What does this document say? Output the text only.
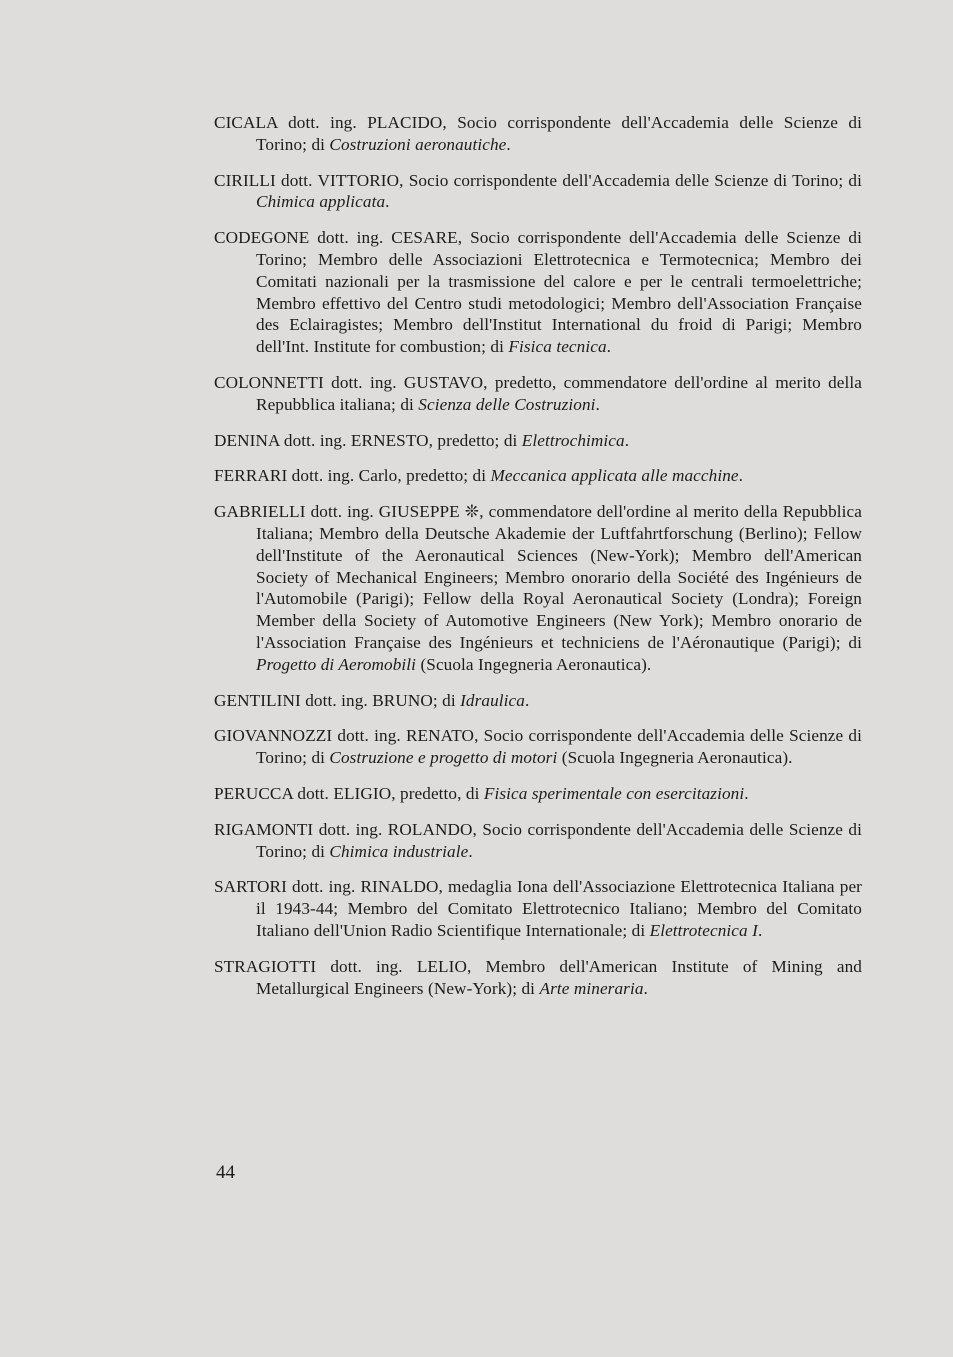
CICALA dott. ing. PLACIDO, Socio corrispondente dell'Accademia delle Scienze di Torino; di Costruzioni aeronautiche.

CIRILLI dott. VITTORIO, Socio corrispondente dell'Accademia delle Scienze di Torino; di Chimica applicata.

CODEGONE dott. ing. CESARE, Socio corrispondente dell'Accademia delle Scienze di Torino; Membro delle Associazioni Elettrotecnica e Termotecnica; Membro dei Comitati nazionali per la trasmissione del calore e per le centrali termoelettriche; Membro effettivo del Centro studi metodologici; Membro dell'Association Française des Eclairagistes; Membro dell'Institut International du froid di Parigi; Membro dell'Int. Institute for combustion; di Fisica tecnica.

COLONNETTI dott. ing. GUSTAVO, predetto, commendatore dell'ordine al merito della Repubblica italiana; di Scienza delle Costruzioni.

DENINA dott. ing. ERNESTO, predetto; di Elettrochimica.

FERRARI dott. ing. Carlo, predetto; di Meccanica applicata alle macchine.

GABRIELLI dott. ing. GIUSEPPE ❊, commendatore dell'ordine al merito della Repubblica Italiana; Membro della Deutsche Akademie der Luftfahrtforschung (Berlino); Fellow dell'Institute of the Aeronautical Sciences (New-York); Membro dell'American Society of Mechanical Engineers; Membro onorario della Société des Ingénieurs de l'Automobile (Parigi); Fellow della Royal Aeronautical Society (Londra); Foreign Member della Society of Automotive Engineers (New York); Membro onorario de l'Association Française des Ingénieurs et techniciens de l'Aéronautique (Parigi); di Progetto di Aeromobili (Scuola Ingegneria Aeronautica).

GENTILINI dott. ing. BRUNO; di Idraulica.

GIOVANNOZZI dott. ing. RENATO, Socio corrispondente dell'Accademia delle Scienze di Torino; di Costruzione e progetto di motori (Scuola Ingegneria Aeronautica).

PERUCCA dott. ELIGIO, predetto, di Fisica sperimentale con esercitazioni.

RIGAMONTI dott. ing. ROLANDO, Socio corrispondente dell'Accademia delle Scienze di Torino; di Chimica industriale.

SARTORI dott. ing. RINALDO, medaglia Iona dell'Associazione Elettrotecnica Italiana per il 1943-44; Membro del Comitato Elettrotecnico Italiano; Membro del Comitato Italiano dell'Union Radio Scientifique Internationale; di Elettrotecnica I.

STRAGIOTTI dott. ing. LELIO, Membro dell'American Institute of Mining and Metallurgical Engineers (New-York); di Arte mineraria.

44
